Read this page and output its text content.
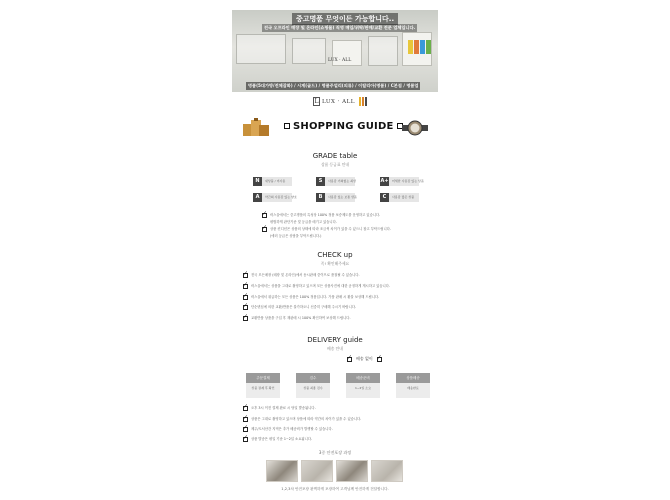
중고명품 무엇이든 가능합니다..
전국 오프라인 매장 및 온라인(쇼핑몰) 직영 매입/위탁/판매/교환 전문 업체입니다.
LUX · ALL
명품(5대가방/전체잡화) / 시계(골드) / 명품주얼리(의류) / 이탈리아(명품) / C본점 / 명품업
L LUX · ALL
SHOPPING GUIDE
GRADE table
상품 등급표 안내
N	새상품 / 미사용	S	사용감 거의없는 최상	A+	미세한 사용감 있는 상품
A	약간의 사용감 있는 양호	B	사용감 있는 보통 상품	C	사용감 많은 상품
✓
럭스올에서는 중고명품의 특성상 100% 정품 보증제도를 운영하고 있습니다.
평범하게 판단기준 및 등급을 매기고 있습니다.
✓
상품 컨디션은 상품의 상태에 따라 조금씩 차이가 있을 수 있으니 참고 부탁드립니다.
(에러 등급은 상담을 부탁드립니다.)
CHECK up
꼭! 확인해주세요
✓
전국 모든매장 (매장 및 온라인)에서 동시판매 중이므로 품절될 수 있습니다.
✓
럭스올에서는 상품을 그대로 촬영하고 있으며 모든 상품사진에 대한 공정하게 게시하고 있습니다.
✓
럭스올에서 취급하는 모든 상품은 100% 정품입니다. 가품 판매 시 환불 보상해 드립니다.
✓
단순변심에 의한 교환/반품은 불가하오니 신중히 구매해 주시기 바랍니다.
✓
교환반품 상품을 구입 후 재판매 시 100% 확인하여 보상해 드립니다.
DELIVERY guide
배송 안내
✓
배송 없이
✓
주문결제
상품 결제 후 확인
검수
상품 최종 검수
배송준비
1~2일 소요
상품배송
배송완료
✓
오후 3시 이전 결제 완료 시 당일 발송됩니다.
✓
상품은 그대로 촬영하고 있으며 상품에 따라 약간의 차이가 있을 수 있습니다.
✓
제주/도서산간 지역은 추가 배송비가 발생할 수 있습니다.
✓
상품 발송은 평일 기준 1~2일 소요됩니다.
3중 안전포장 과정
1,2,3차 안전포장 완벽하게 포장하여 고객님께 안전하게 전달합니다.
